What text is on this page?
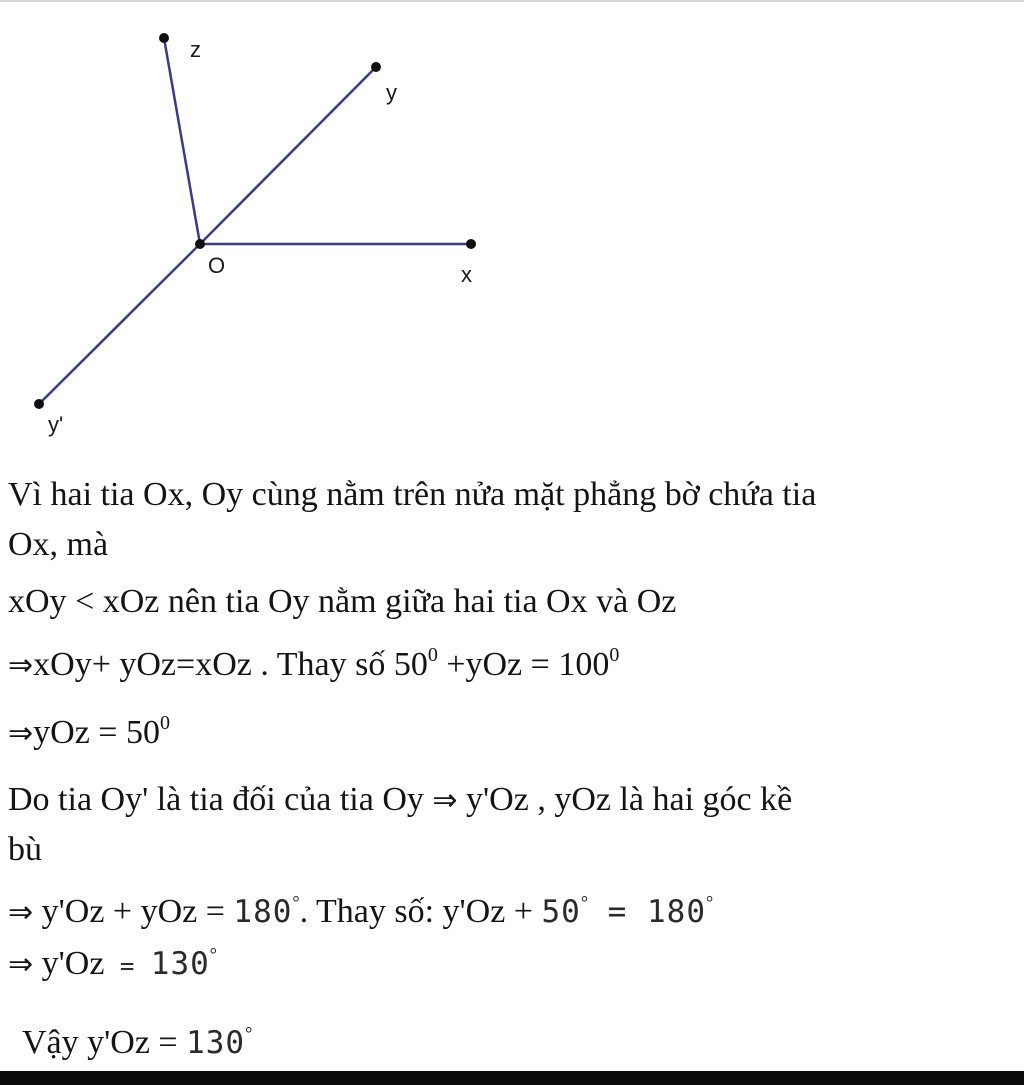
z
y
x
O
y'
Vì hai tia Ox, Oy cùng nằm trên nửa mặt phẳng bờ chứa tia
Ox, mà
xOy < xOz nên tia Oy nằm giữa hai tia Ox và Oz
⇒xOy+ yOz=xOz . Thay số $50^0 +yOz = 100^0$
⇒yOz = $50^0$
Do tia Oy' là tia đối của tia Oy ⇒ y'Oz , yOz là hai góc kề
bù
⇒ y'Oz + yOz = 180°. Thay số: y'Oz + 50° = 180°
⇒ y'Oz = 130°
Vậy y'Oz = 130°
